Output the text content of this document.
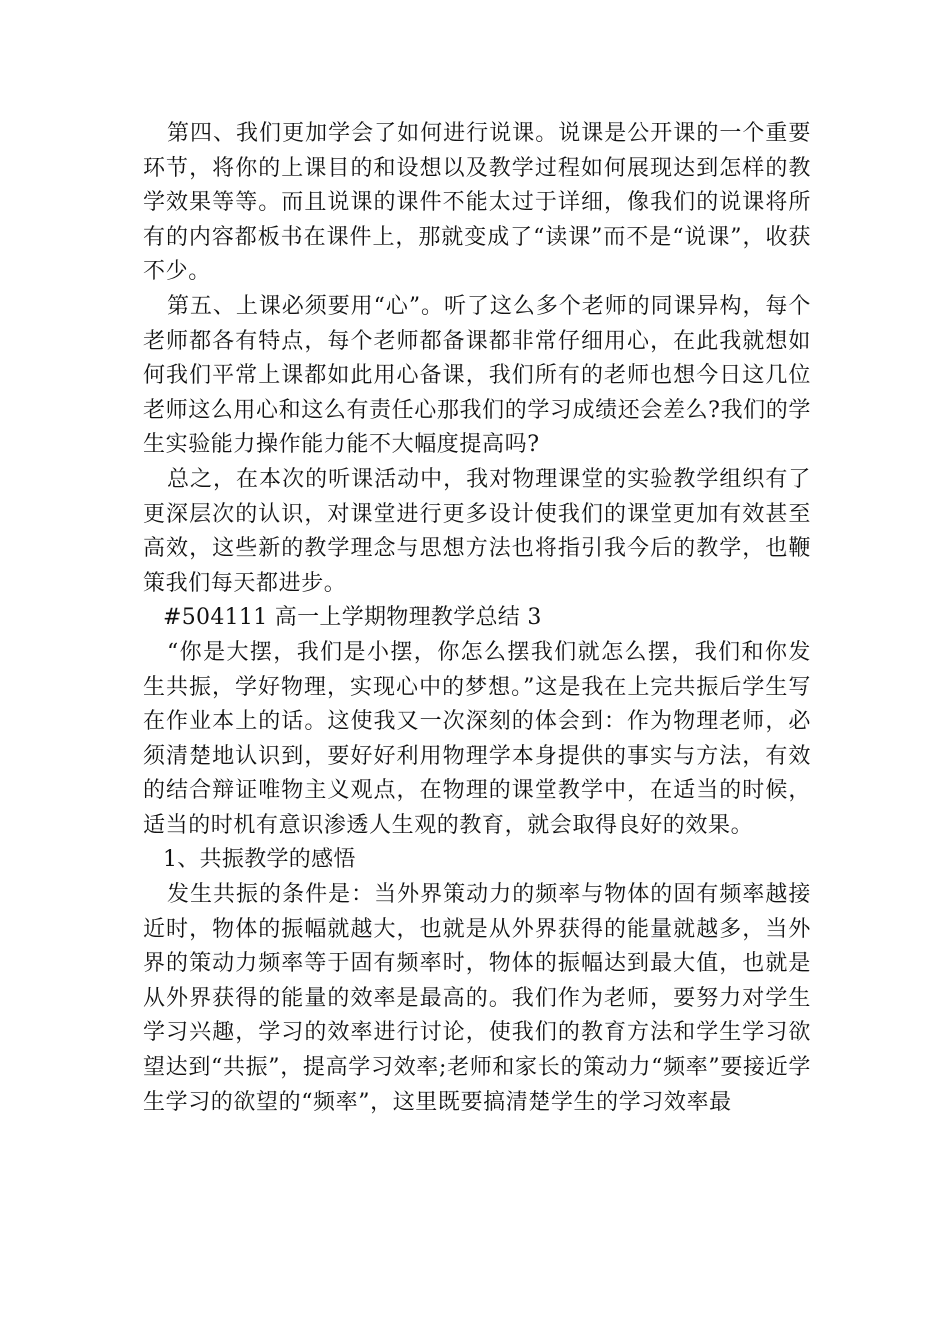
第四、我们更加学会了如何进行说课。说课是公开课的一个重要环节，将你的上课目的和设想以及教学过程如何展现达到怎样的教学效果等等。而且说课的课件不能太过于详细，像我们的说课将所有的内容都板书在课件上，那就变成了“读课”而不是“说课”，收获不少。

第五、上课必须要用“心”。听了这么多个老师的同课异构，每个老师都各有特点，每个老师都备课都非常仔细用心，在此我就想如何我们平常上课都如此用心备课，我们所有的老师也想今日这几位老师这么用心和这么有责任心那我们的学习成绩还会差么?我们的学生实验能力操作能力能不大幅度提高吗?

总之，在本次的听课活动中，我对物理课堂的实验教学组织有了更深层次的认识，对课堂进行更多设计使我们的课堂更加有效甚至高效，这些新的教学理念与思想方法也将指引我今后的教学，也鞭策我们每天都进步。

#504111 高一上学期物理教学总结 3

“你是大摆，我们是小摆，你怎么摆我们就怎么摆，我们和你发生共振，学好物理，实现心中的梦想。”这是我在上完共振后学生写在作业本上的话。这使我又一次深刻的体会到：作为物理老师，必须清楚地认识到，要好好利用物理学本身提供的事实与方法，有效的结合辩证唯物主义观点，在物理的课堂教学中，在适当的时候，适当的时机有意识渗透人生观的教育，就会取得良好的效果。

1、共振教学的感悟

发生共振的条件是：当外界策动力的频率与物体的固有频率越接近时，物体的振幅就越大，也就是从外界获得的能量就越多，当外界的策动力频率等于固有频率时，物体的振幅达到最大值，也就是从外界获得的能量的效率是最高的。我们作为老师，要努力对学生学习兴趣，学习的效率进行讨论，使我们的教育方法和学生学习欲望达到“共振”，提高学习效率;老师和家长的策动力“频率”要接近学生学习的欲望的“频率”，这里既要搞清楚学生的学习效率最
